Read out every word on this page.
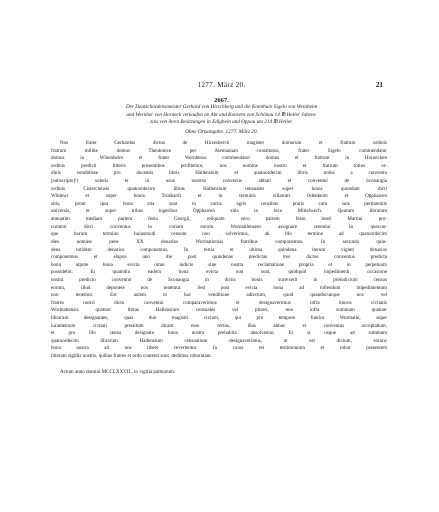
1277. März 20.	21
2667.
Der Deutschordensmeister Gerhard von Hirschberg und die Komthure Sigelo von Weinheim
und Wernher von Horneck verkaufen an Abt und Konvent von Schönau 14 ℔ Heller Jahres-
zins von ihren Besitzungen in Edighein und Oppau um 214 ℔ Heller.
Ohne Ortsangabe. 1277. März 20.
Nos frater Gerhardus dictus de Hirzesberch magister domorum et fratrum ordinis
fratrum militie domus Theutonice per Alemaniam constitutus, frater Sigelo commendator
domus in Winenheim et frater Wernherus commendator domus et fratrum in Hornecken
ordinis predicti litteris presentibus profitemur, nos nomine nostro et fratrum totius or-
dinis vendidisse pro ducentis libris Hallensium et quatuordecim libris nobis a conventu
[subscripto]¹) solutis et in usus nostros conversis abbati et conventui de Sconaugia
ordinis Cisterciensis quatuordecim libras Hallensium censuales super bonis quondam dicti
Wildewr et super bonis Trusbardi et in terminis villarum Odenkeim et Opphawen
sitis, prout ipsa bona sita sunt in curiis agris censibus pratis cum suis pertinentiis
universis, et super tribus iugeribus Opphawen sitis in loco Mittelwech. Quarum librarum
annuatim mediam partem festo Georgii, reliquam vero partem festo beati Martini pro-
curatori dicti conventus in curiam eorum Wormatiensem assignare tenemur. In quocun-
que horum termino huiusmodi censum non solverimus, ab illo termino ad quatuordecim
dies nomine pene XX denarios Wormatiensis fratribus componemus. In secunda quin-
dena totidem denarios componemus. In tertia et ultima quindena iterum viginti denarios
componemus et elapso uno die post quindenas predictas tres dictos conventus predicta
bona utpote bona evicta omni iudicio sine nostra reclamatione propria et in perpetuum
possidebit. Et quamdiu eadem bona evicta non sunt, quidquid impedimenti occasione
nostra predicto conventui de Sconaugia in dictis bonis surrexerit in preiudicium census
eorum, illud deponere nos tenemur. Sed post evicta bona ad tollendum impedimentum
non tenemur. Est autem in hac venditione adiectum, quod quandocunque nos vel
fratres nostri dicto conventui comparaverimus et designaverimus infra muros civitatis
Wormatiensis quatuor libras Hallensium censuales vel plures, non infra summam quatuor
librarum designantes, quas duo magistri civium, qui pro tempore fuerint Wormatie, super
iuramentum civitati prestitum dicant esse certas, illas abbas et conventus acceptabunt,
et pro illo censu designato bona nostra prehabita absolventur. Et si usque ad summam
quatuordecim librarum Hallensium censualium designaverimus, ut est dictum, extunc
bona nostra ad nos libere revertentur. In cuius rei testimonium et robur presentem
litteram sigillis nostris, quibus fratres et ordo contenti sunt, dedimus roboratam.
Actum anno domini MCCLXXVII., in vigilia palmarum.
